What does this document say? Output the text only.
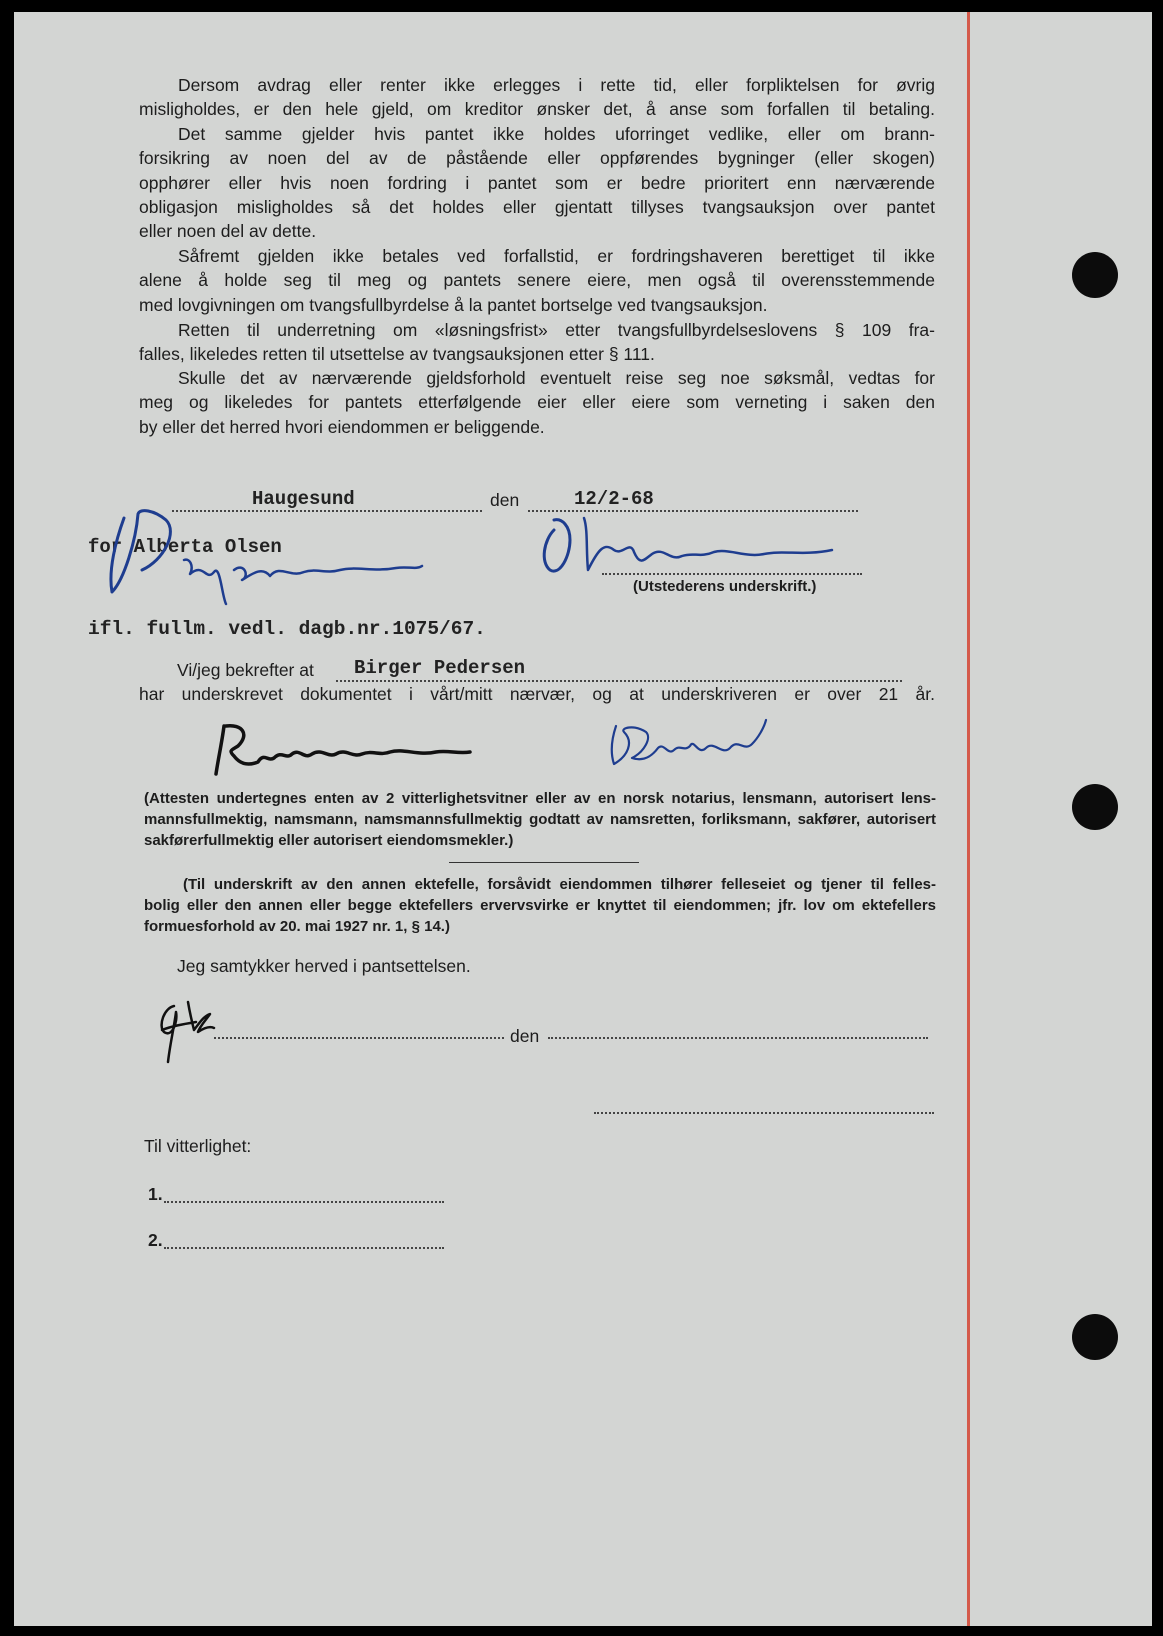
Dersom avdrag eller renter ikke erlegges i rette tid, eller forpliktelsen for øvrig

misligholdes, er den hele gjeld, om kreditor ønsker det, å anse som forfallen til betaling.

Det samme gjelder hvis pantet ikke holdes uforringet vedlike, eller om brann-

forsikring av noen del av de påstående eller oppførendes bygninger (eller skogen)

opphører eller hvis noen fordring i pantet som er bedre prioritert enn nærværende

obligasjon misligholdes så det holdes eller gjentatt tillyses tvangsauksjon over pantet

eller noen del av dette.

Såfremt gjelden ikke betales ved forfallstid, er fordringshaveren berettiget til ikke

alene å holde seg til meg og pantets senere eiere, men også til overensstemmende

med lovgivningen om tvangsfullbyrdelse å la pantet bortselge ved tvangsauksjon.

Retten til underretning om «løsningsfrist» etter tvangsfullbyrdelseslovens § 109 fra-

falles, likeledes retten til utsettelse av tvangsauksjonen etter § 111.

Skulle det av nærværende gjeldsforhold eventuelt reise seg noe søksmål, vedtas for

meg og likeledes for pantets etterfølgende eier eller eiere som verneting i saken den

by eller det herred hvori eiendommen er beliggende.

Haugesund	den	12/2-68
for Alberta Olsen
(Utstederens underskrift.)
ifl. fullm. vedl. dagb.nr.1075/67.
Vi/jeg bekrefter at Birger Pedersen
har underskrevet dokumentet i vårt/mitt nærvær, og at underskriveren er over 21 år.
(Attesten undertegnes enten av 2 vitterlighetsvitner eller av en norsk notarius, lensmann, autorisert lens-
mannsfullmektig, namsmann, namsmannsfullmektig godtatt av namsretten, forliksmann, sakfører, autorisert
sakførerfullmektig eller autorisert eiendomsmekler.)
(Til underskrift av den annen ektefelle, forsåvidt eiendommen tilhører felleseiet og tjener til felles-
bolig eller den annen eller begge ektefellers ervervsvirke er knyttet til eiendommen; jfr. lov om ektefellers
formuesforhold av 20. mai 1927 nr. 1, § 14.)
Jeg samtykker herved i pantsettelsen.
den
Til vitterlighet:
1.
2.
